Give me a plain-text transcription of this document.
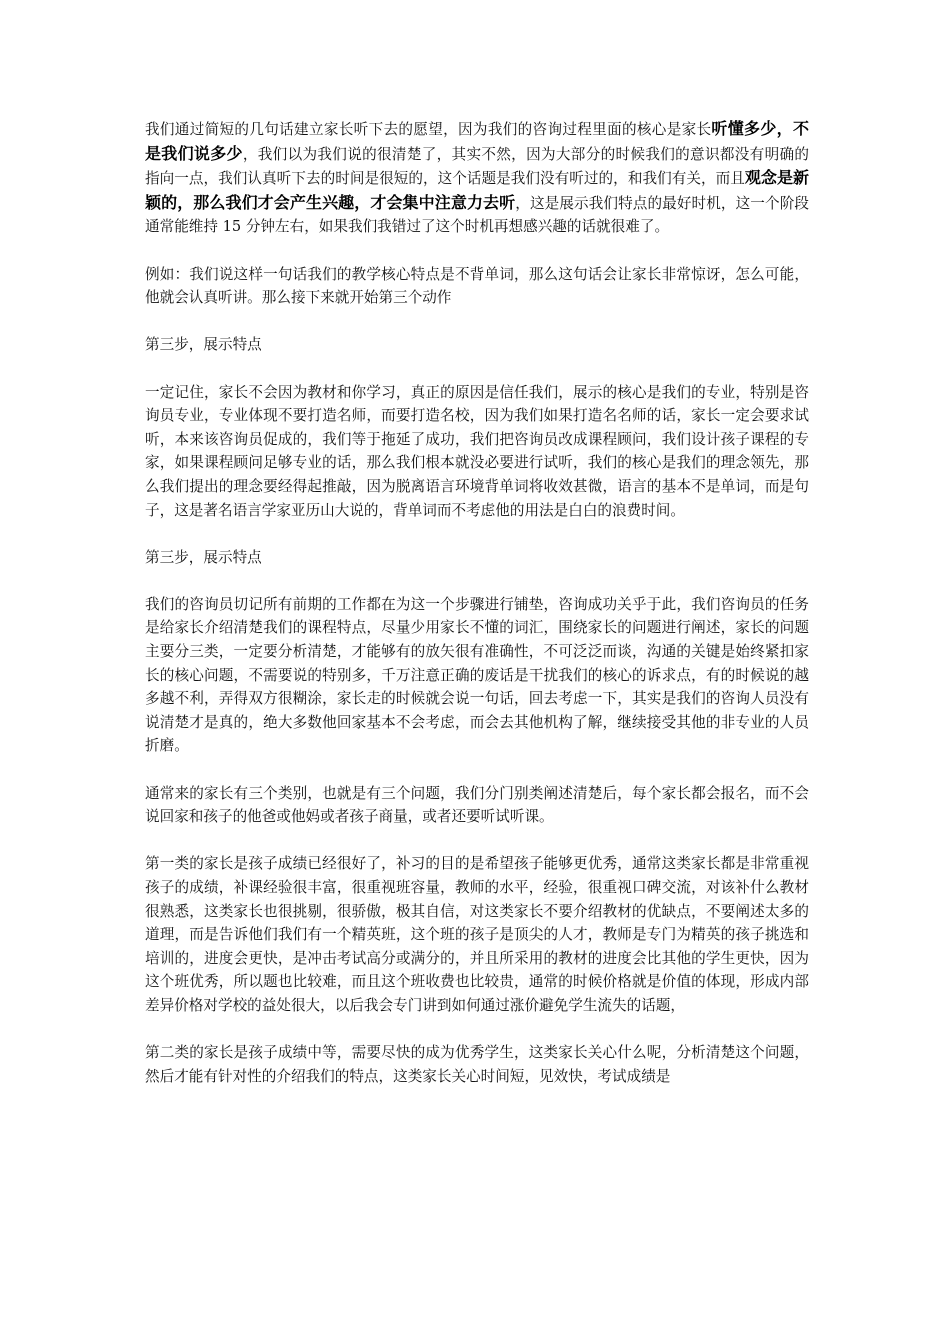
我们通过简短的几句话建立家长听下去的愿望，因为我们的咨询过程里面的核心是家长听懂多少，不是我们说多少，我们以为我们说的很清楚了，其实不然，因为大部分的时候我们的意识都没有明确的指向一点，我们认真听下去的时间是很短的，这个话题是我们没有听过的，和我们有关，而且观念是新颖的，那么我们才会产生兴趣，才会集中注意力去听，这是展示我们特点的最好时机，这一个阶段通常能维持 15 分钟左右，如果我们我错过了这个时机再想感兴趣的话就很难了。

例如：我们说这样一句话我们的教学核心特点是不背单词，那么这句话会让家长非常惊讶，怎么可能，他就会认真听讲。那么接下来就开始第三个动作

第三步，展示特点

一定记住，家长不会因为教材和你学习，真正的原因是信任我们，展示的核心是我们的专业，特别是咨询员专业，专业体现不要打造名师，而要打造名校，因为我们如果打造名名师的话，家长一定会要求试听，本来该咨询员促成的，我们等于拖延了成功，我们把咨询员改成课程顾问，我们设计孩子课程的专家，如果课程顾问足够专业的话，那么我们根本就没必要进行试听，我们的核心是我们的理念领先，那么我们提出的理念要经得起推敲，因为脱离语言环境背单词将收效甚微，语言的基本不是单词，而是句子，这是著名语言学家亚历山大说的，背单词而不考虑他的用法是白白的浪费时间。

第三步，展示特点

我们的咨询员切记所有前期的工作都在为这一个步骤进行铺垫，咨询成功关乎于此，我们咨询员的任务是给家长介绍清楚我们的课程特点，尽量少用家长不懂的词汇，围绕家长的问题进行阐述，家长的问题主要分三类，一定要分析清楚，才能够有的放矢很有准确性，不可泛泛而谈，沟通的关键是始终紧扣家长的核心问题，不需要说的特别多，千万注意正确的废话是干扰我们的核心的诉求点，有的时候说的越多越不利，弄得双方很糊涂，家长走的时候就会说一句话，回去考虑一下，其实是我们的咨询人员没有说清楚才是真的，绝大多数他回家基本不会考虑，而会去其他机构了解，继续接受其他的非专业的人员折磨。

通常来的家长有三个类别，也就是有三个问题，我们分门别类阐述清楚后，每个家长都会报名，而不会说回家和孩子的他爸或他妈或者孩子商量，或者还要听试听课。

第一类的家长是孩子成绩已经很好了，补习的目的是希望孩子能够更优秀，通常这类家长都是非常重视孩子的成绩，补课经验很丰富，很重视班容量，教师的水平，经验，很重视口碑交流，对该补什么教材很熟悉，这类家长也很挑剔，很骄傲，极其自信，对这类家长不要介绍教材的优缺点，不要阐述太多的道理，而是告诉他们我们有一个精英班，这个班的孩子是顶尖的人才，教师是专门为精英的孩子挑选和培训的，进度会更快，是冲击考试高分或满分的，并且所采用的教材的进度会比其他的学生更快，因为这个班优秀，所以题也比较难，而且这个班收费也比较贵，通常的时候价格就是价值的体现，形成内部差异价格对学校的益处很大，以后我会专门讲到如何通过涨价避免学生流失的话题，

第二类的家长是孩子成绩中等，需要尽快的成为优秀学生，这类家长关心什么呢，分析清楚这个问题，然后才能有针对性的介绍我们的特点，这类家长关心时间短，见效快，考试成绩是
